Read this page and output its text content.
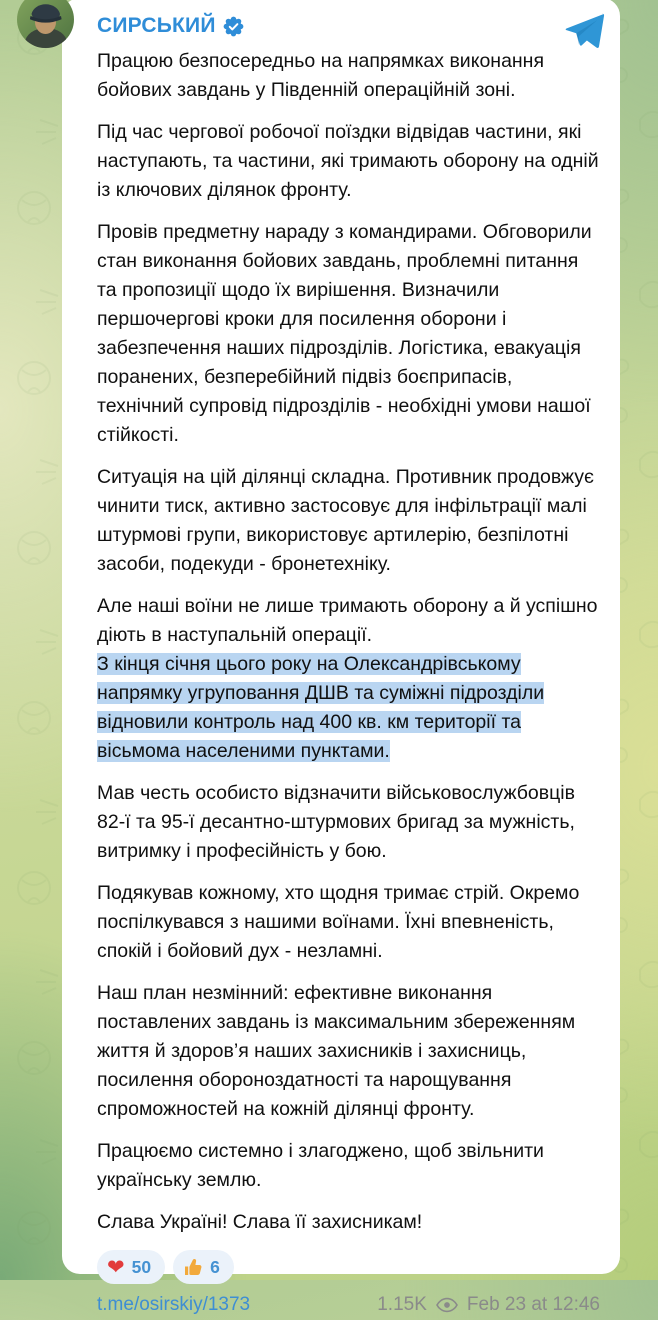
СИРСЬКИЙ

Працюю безпосередньо на напрямках виконання бойових завдань у Південній операційній зоні.

Під час чергової робочої поїздки відвідав частини, які наступають, та частини, які тримають оборону на одній із ключових ділянок фронту.

Провів предметну нараду з командирами. Обговорили стан виконання бойових завдань, проблемні питання та пропозиції щодо їх вирішення. Визначили першочергові кроки для посилення оборони і забезпечення наших підрозділів. Логістика, евакуація поранених, безперебійний підвіз боєприпасів, технічний супровід підрозділів - необхідні умови нашої стійкості.

Ситуація на цій ділянці складна. Противник продовжує чинити тиск, активно застосовує для інфільтрації малі штурмові групи, використовує артилерію, безпілотні засоби, подекуди - бронетехніку.

Але наші воїни не лише тримають оборону а й успішно діють в наступальній операції.
З кінця січня цього року на Олександрівському напрямку угруповання ДШВ та суміжні підрозділи відновили контроль над 400 кв. км території та вісьмома населеними пунктами.

Мав честь особисто відзначити військовослужбовців 82-ї та 95-ї десантно-штурмових бригад за мужність, витримку і професійність у бою.

Подякував кожному, хто щодня тримає стрій. Окремо поспілкувався з нашими воїнами. Їхні впевненість, спокій і бойовий дух - незламні.

Наш план незмінний: ефективне виконання поставлених завдань із максимальним збереженням життя й здоров’я наших захисників і захисниць, посилення обороноздатності та нарощування спроможностей на кожній ділянці фронту.

Працюємо системно і злагоджено, щоб звільнити українську землю.

Слава Україні! Слава її захисникам!

❤ 50	6
t.me/osirskiy/1373	1.15K Feb 23 at 12:46
